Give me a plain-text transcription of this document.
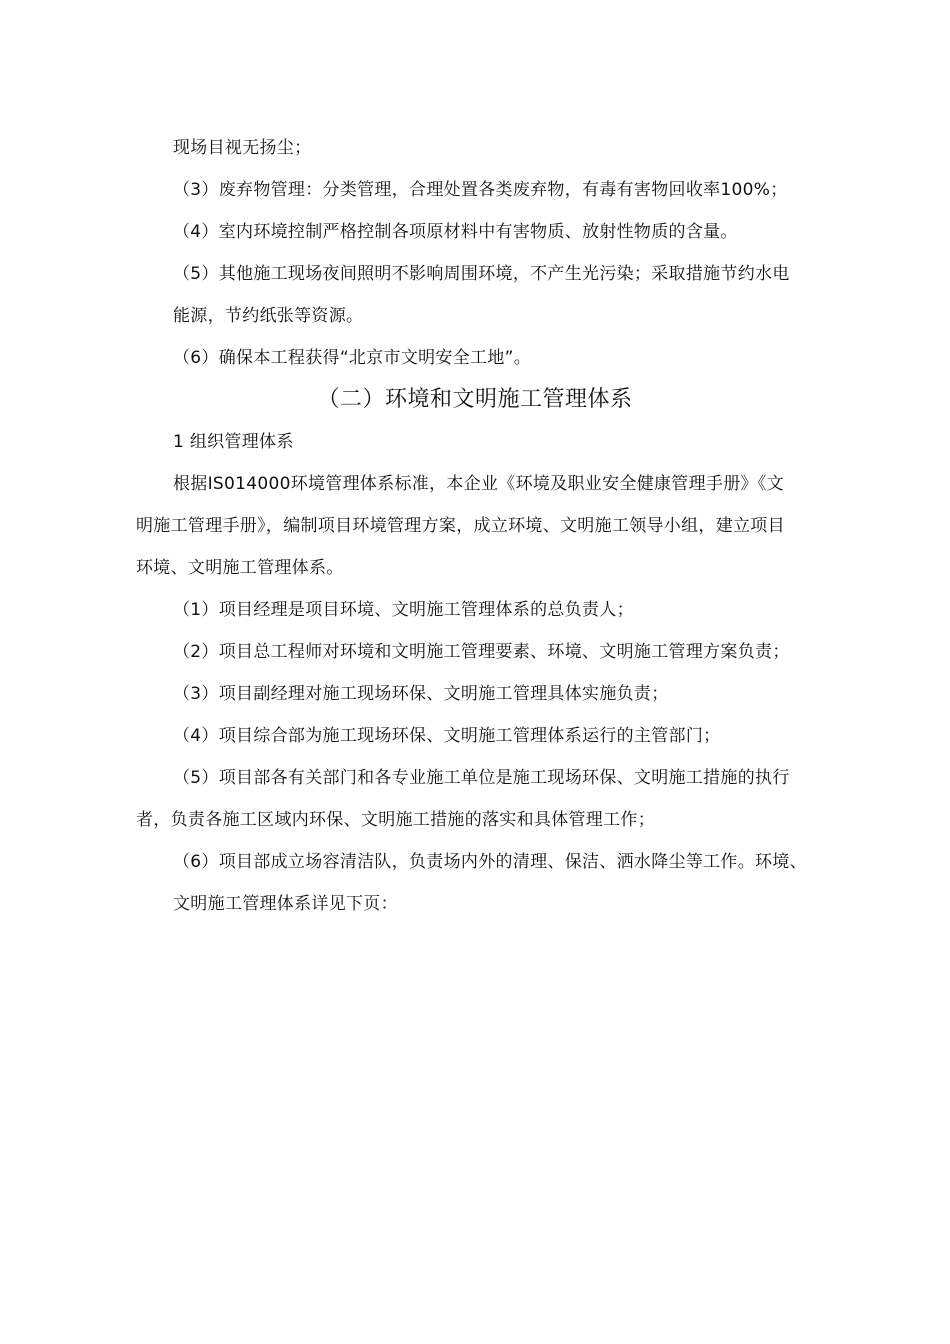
现场目视无扬尘；
（3）废弃物管理：分类管理，合理处置各类废弃物，有毒有害物回收率100%；
（4）室内环境控制严格控制各项原材料中有害物质、放射性物质的含量。
（5）其他施工现场夜间照明不影响周围环境，不产生光污染；采取措施节约水电
能源，节约纸张等资源。
（6）确保本工程获得“北京市文明安全工地”。
（二）环境和文明施工管理体系
1 组织管理体系
根据IS014000环境管理体系标准，本企业《环境及职业安全健康管理手册》《文
明施工管理手册》，编制项目环境管理方案，成立环境、文明施工领导小组，建立项目
环境、文明施工管理体系。
（1）项目经理是项目环境、文明施工管理体系的总负责人；
（2）项目总工程师对环境和文明施工管理要素、环境、文明施工管理方案负责；
（3）项目副经理对施工现场环保、文明施工管理具体实施负责；
（4）项目综合部为施工现场环保、文明施工管理体系运行的主管部门；
（5）项目部各有关部门和各专业施工单位是施工现场环保、文明施工措施的执行
者，负责各施工区域内环保、文明施工措施的落实和具体管理工作；
（6）项目部成立场容清洁队，负责场内外的清理、保洁、洒水降尘等工作。环境、
文明施工管理体系详见下页：
